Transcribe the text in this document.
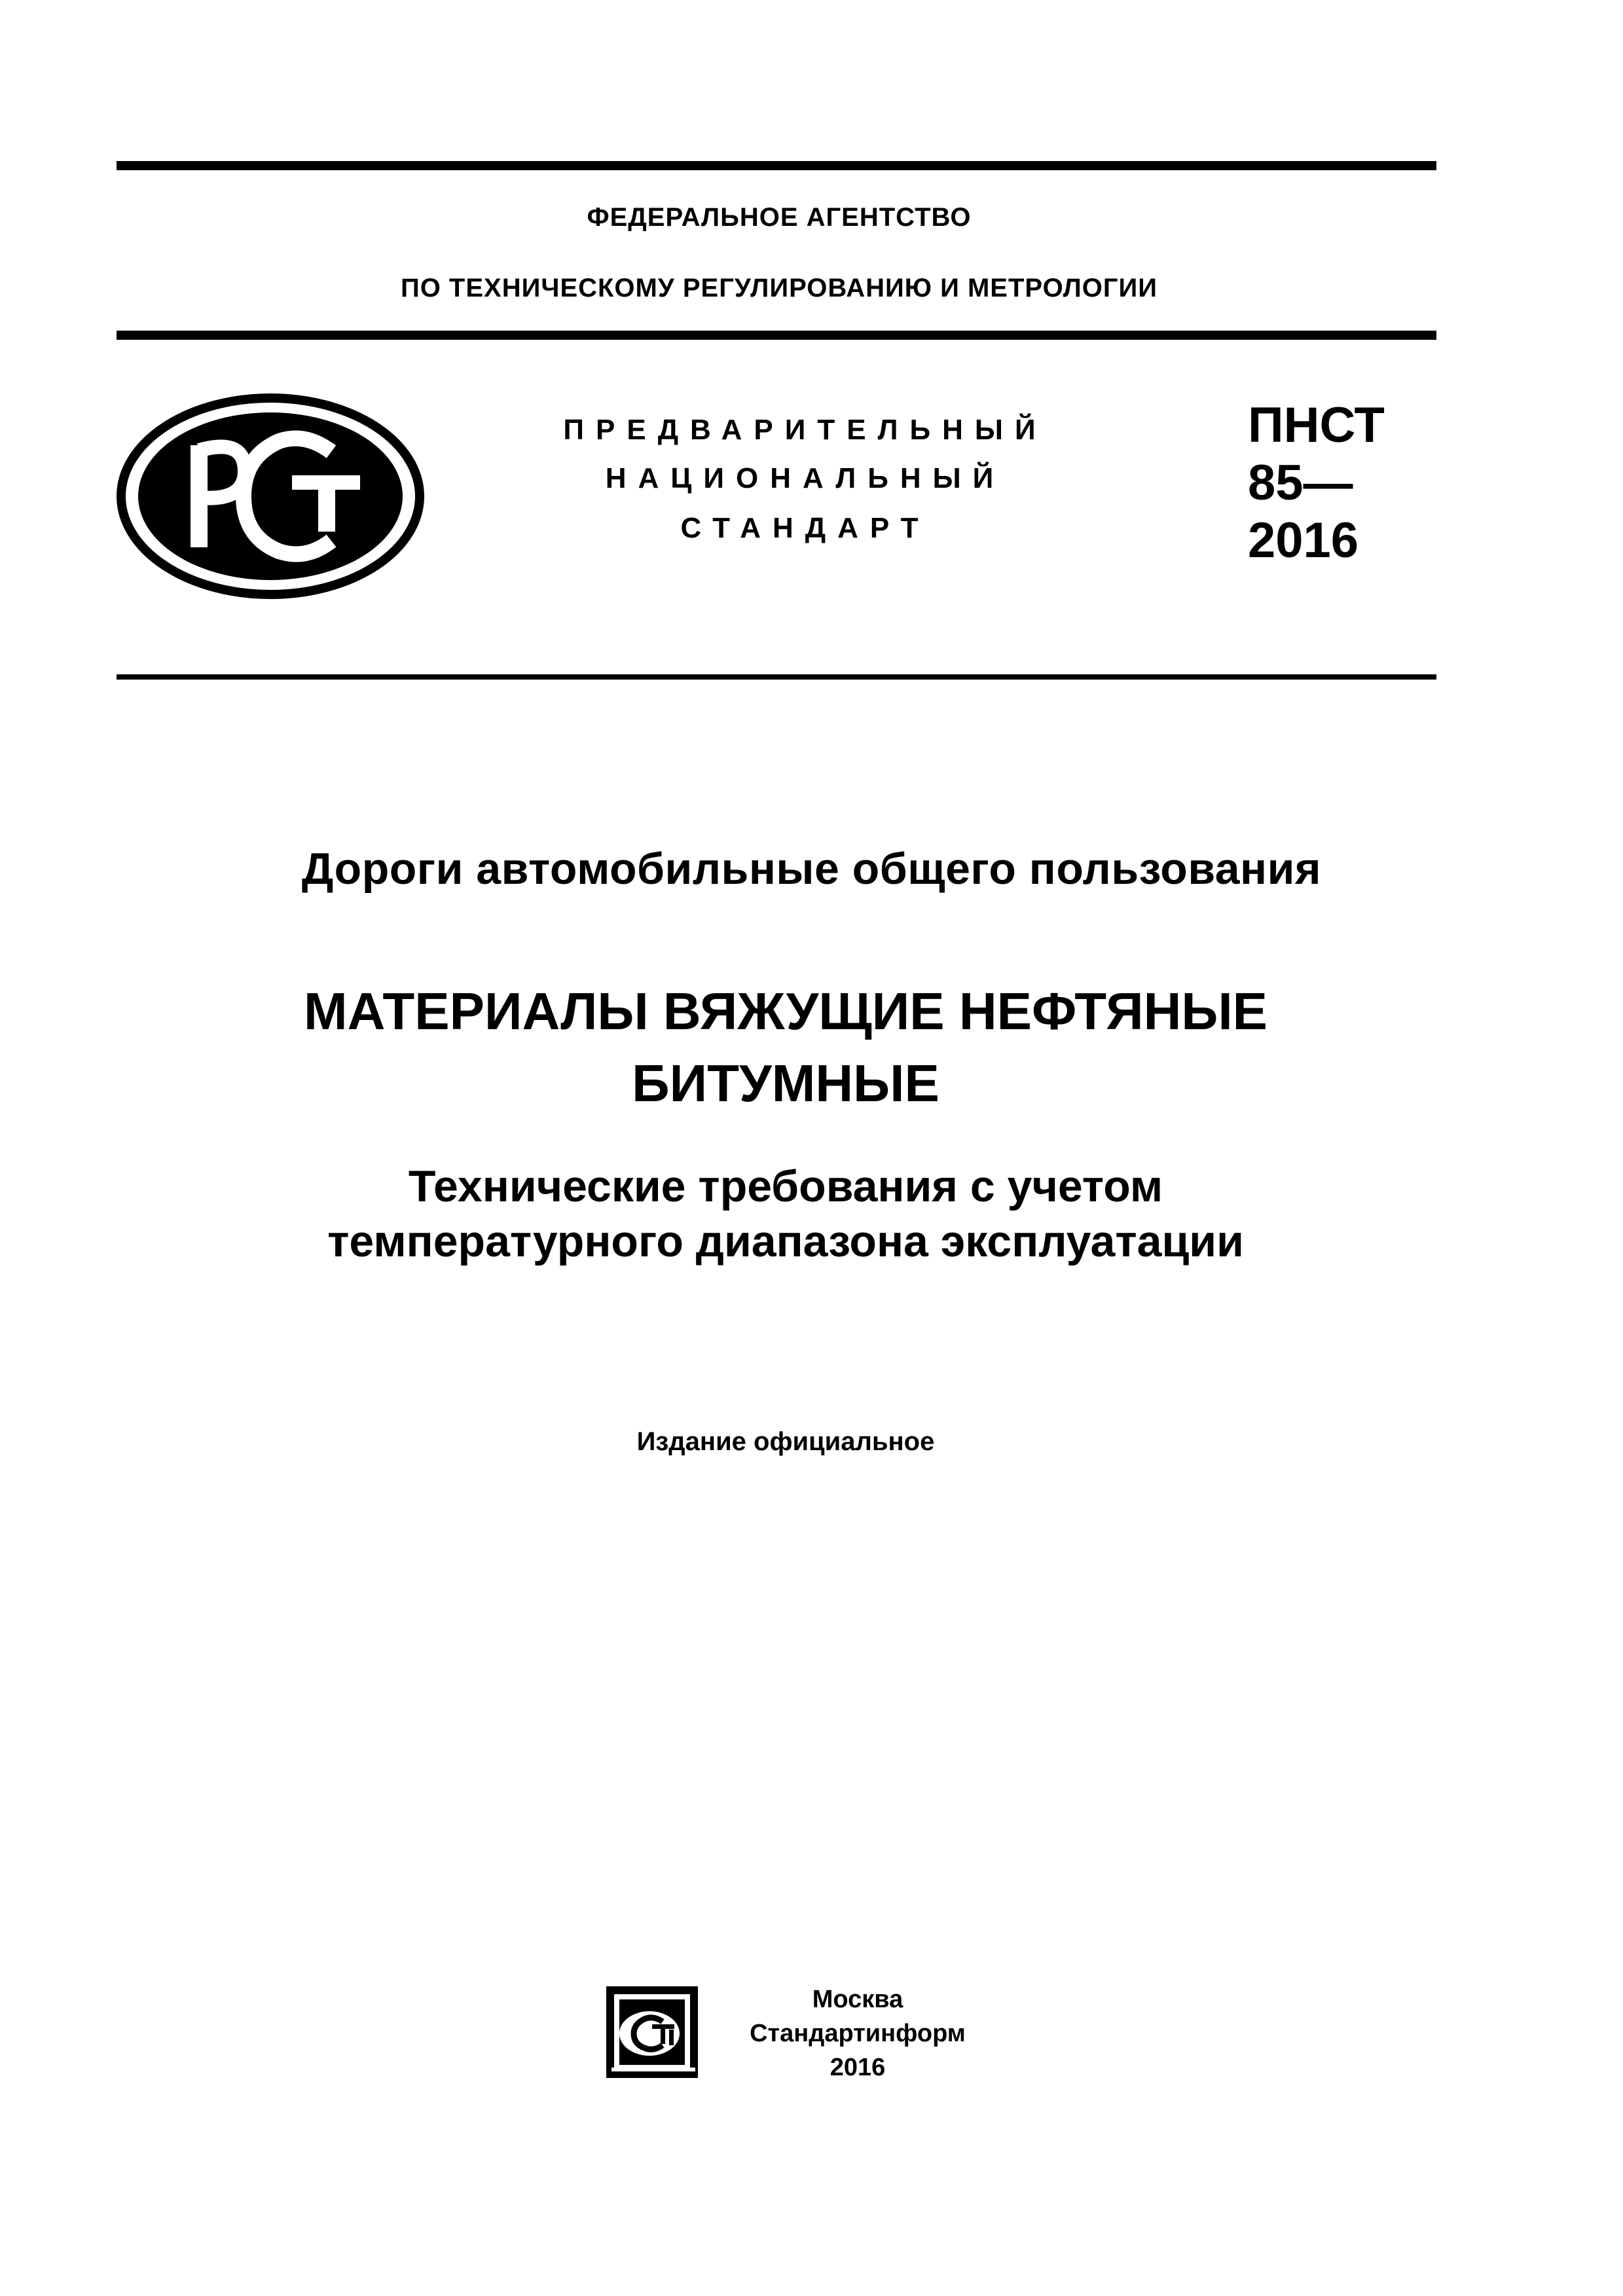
ФЕДЕРАЛЬНОЕ АГЕНТСТВО
ПО ТЕХНИЧЕСКОМУ РЕГУЛИРОВАНИЮ И МЕТРОЛОГИИ
ПРЕДВАРИТЕЛЬНЫЙ
НАЦИОНАЛЬНЫЙ
СТАНДАРТ
ПНСТ
85—
2016
Дороги автомобильные общего пользования
МАТЕРИАЛЫ ВЯЖУЩИЕ НЕФТЯНЫЕ
БИТУМНЫЕ
Технические требования с учетом
температурного диапазона эксплуатации
Издание официальное
Москва
Стандартинформ
2016
